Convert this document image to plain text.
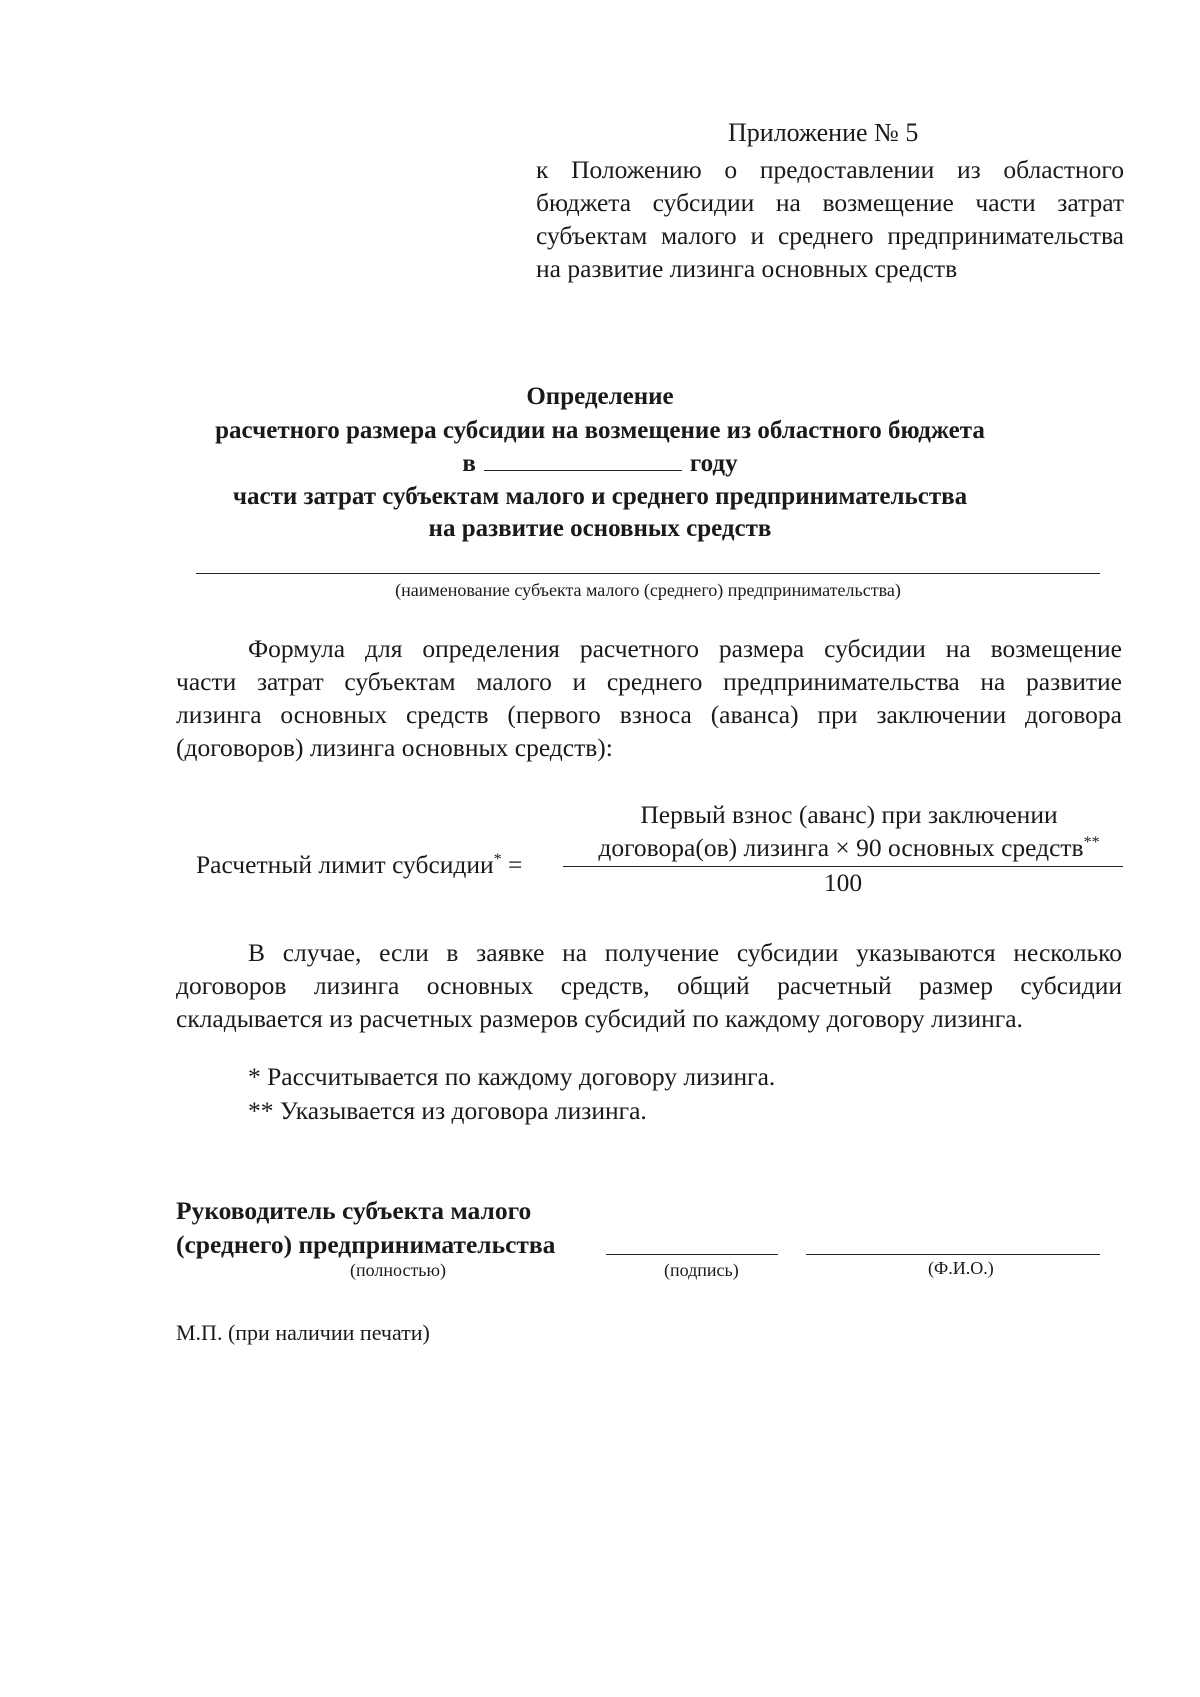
Приложение № 5
к Положению о предоставлении из областного
бюджета субсидии на возмещение части затрат
субъектам малого и среднего предпринимательства
на развитие лизинга основных средств
Определение
расчетного размера субсидии на возмещение из областного бюджета
в	году
части затрат субъектам малого и среднего предпринимательства
на развитие основных средств
(наименование субъекта малого (среднего) предпринимательства)
Формула для определения расчетного размера субсидии на возмещение
части затрат субъектам малого и среднего предпринимательства на развитие
лизинга основных средств (первого взноса (аванса) при заключении договора
(договоров) лизинга основных средств):
Первый взнос (аванс) при заключении
договора(ов) лизинга × 90 основных средств**
Расчетный лимит субсидии* =
100
В случае, если в заявке на получение субсидии указываются несколько
договоров лизинга основных средств, общий расчетный размер субсидии
складывается из расчетных размеров субсидий по каждому договору лизинга.
* Рассчитывается по каждому договору лизинга.
** Указывается из договора лизинга.
Руководитель субъекта малого
(среднего) предпринимательства
(полностью)	(подпись)	(Ф.И.О.)
М.П. (при наличии печати)
